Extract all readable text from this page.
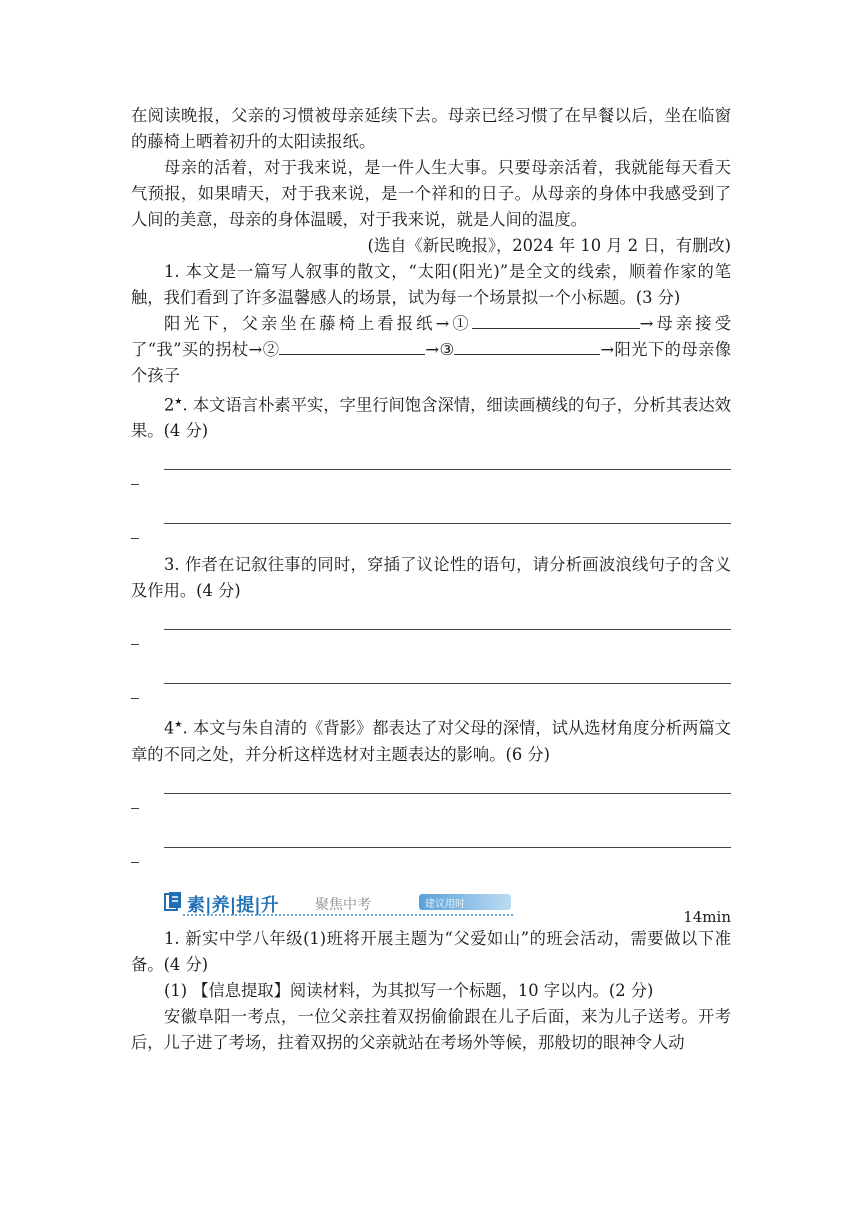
在阅读晚报，父亲的习惯被母亲延续下去。母亲已经习惯了在早餐以后，坐在临窗的藤椅上晒着初升的太阳读报纸。

母亲的活着，对于我来说，是一件人生大事。只要母亲活着，我就能每天看天气预报，如果晴天，对于我来说，是一个祥和的日子。从母亲的身体中我感受到了人间的美意，母亲的身体温暖，对于我来说，就是人间的温度。

(选自《新民晚报》，2024 年 10 月 2 日，有删改)

1. 本文是一篇写人叙事的散文，“太阳(阳光)”是全文的线索，顺着作家的笔触，我们看到了许多温馨感人的场景，试为每一个场景拟一个小标题。(3 分)

阳光下，父亲坐在藤椅上看报纸→①	→母亲接受了“我”买的拐杖→②	→③	→阳光下的母亲像个孩子

2★. 本文语言朴素平实，字里行间饱含深情，细读画横线的句子，分析其表达效果。(4 分)

3. 作者在记叙往事的同时，穿插了议论性的语句，请分析画波浪线句子的含义及作用。(4 分)

4★. 本文与朱自清的《背影》都表达了对父母的深情，试从选材角度分析两篇文章的不同之处，并分析这样选材对主题表达的影响。(6 分)

素|养|提|升	聚焦中考	建议用时
14min

1. 新实中学八年级(1)班将开展主题为“父爱如山”的班会活动，需要做以下准备。(4 分)

(1) 【信息提取】阅读材料，为其拟写一个标题，10 字以内。(2 分)

安徽阜阳一考点，一位父亲拄着双拐偷偷跟在儿子后面，来为儿子送考。开考后，儿子进了考场，拄着双拐的父亲就站在考场外等候，那般切的眼神令人动
